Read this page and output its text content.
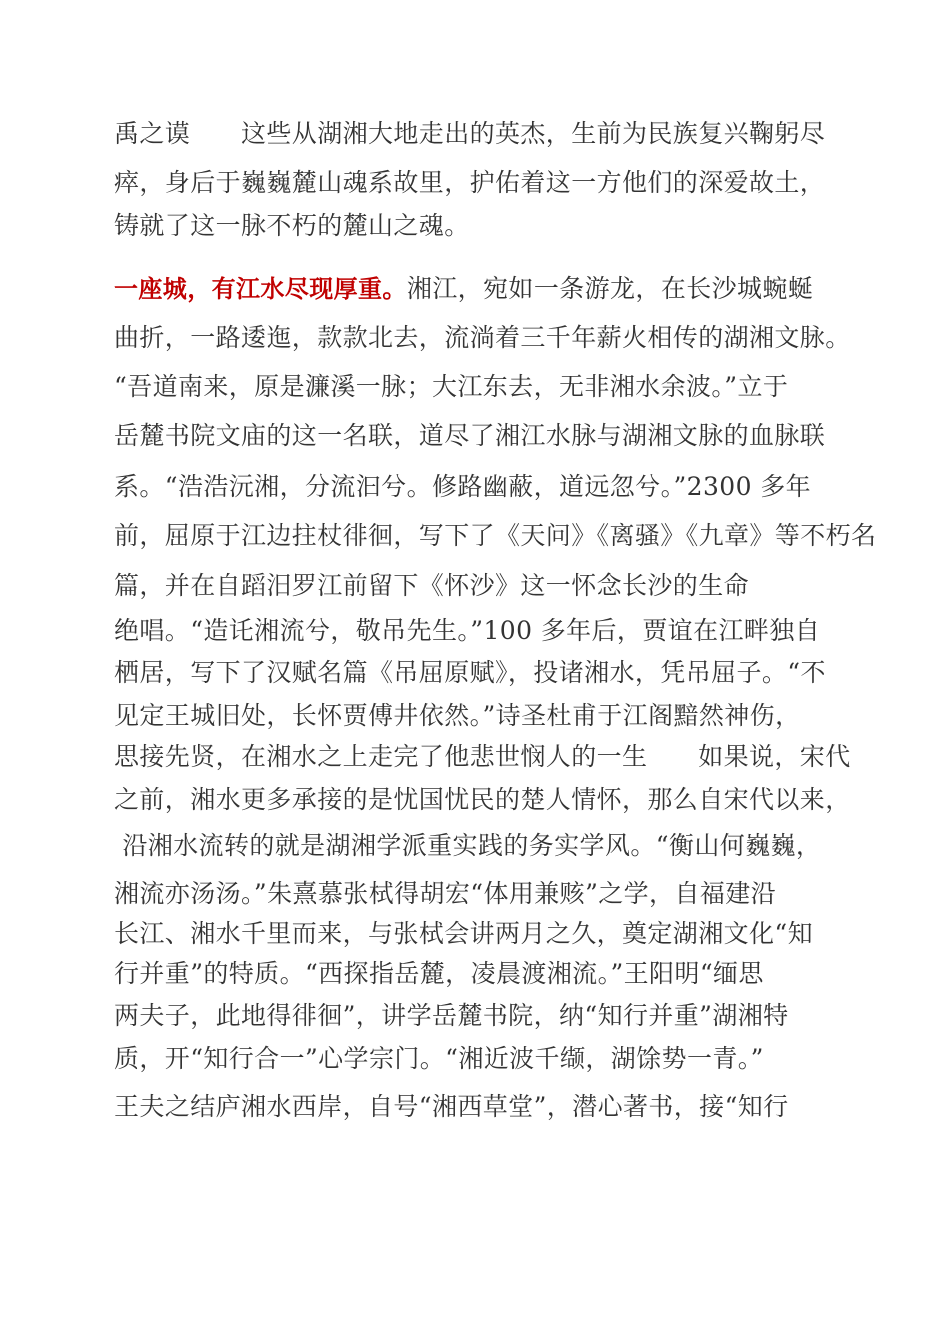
禹之谟　　这些从湖湘大地走出的英杰，生前为民族复兴鞠躬尽
瘁，身后于巍巍麓山魂系故里，护佑着这一方他们的深爱故土，
铸就了这一脉不朽的麓山之魂。
一座城，有江水尽现厚重。湘江，宛如一条游龙，在长沙城蜿蜒
曲折，一路逶迤，款款北去，流淌着三千年薪火相传的湖湘文脉。
“吾道南来，原是濂溪一脉；大江东去，无非湘水余波。”立于
岳麓书院文庙的这一名联，道尽了湘江水脉与湖湘文脉的血脉联
系。“浩浩沅湘，分流汩兮。修路幽蔽，道远忽兮。”2300 多年
前，屈原于江边拄杖徘徊，写下了《天问》《离骚》《九章》等不朽名
篇，并在自蹈汨罗江前留下《怀沙》这一怀念长沙的生命
绝唱。“造讬湘流兮，敬吊先生。”100 多年后，贾谊在江畔独自
栖居，写下了汉赋名篇《吊屈原赋》，投诸湘水，凭吊屈子。“不
见定王城旧处，长怀贾傅井依然。”诗圣杜甫于江阁黯然神伤，
思接先贤，在湘水之上走完了他悲世悯人的一生　　如果说，宋代
之前，湘水更多承接的是忧国忧民的楚人情怀，那么自宋代以来，
沿湘水流转的就是湖湘学派重实践的务实学风。“衡山何巍巍，
湘流亦汤汤。”朱熹慕张栻得胡宏“体用兼赅”之学，自福建沿
长江、湘水千里而来，与张栻会讲两月之久，奠定湖湘文化“知
行并重”的特质。“西探指岳麓，凌晨渡湘流。”王阳明“缅思
两夫子，此地得徘徊”，讲学岳麓书院，纳“知行并重”湖湘特
质，开“知行合一”心学宗门。“湘近波千缬，湖馀势一青。”
王夫之结庐湘水西岸，自号“湘西草堂”，潜心著书，接“知行
